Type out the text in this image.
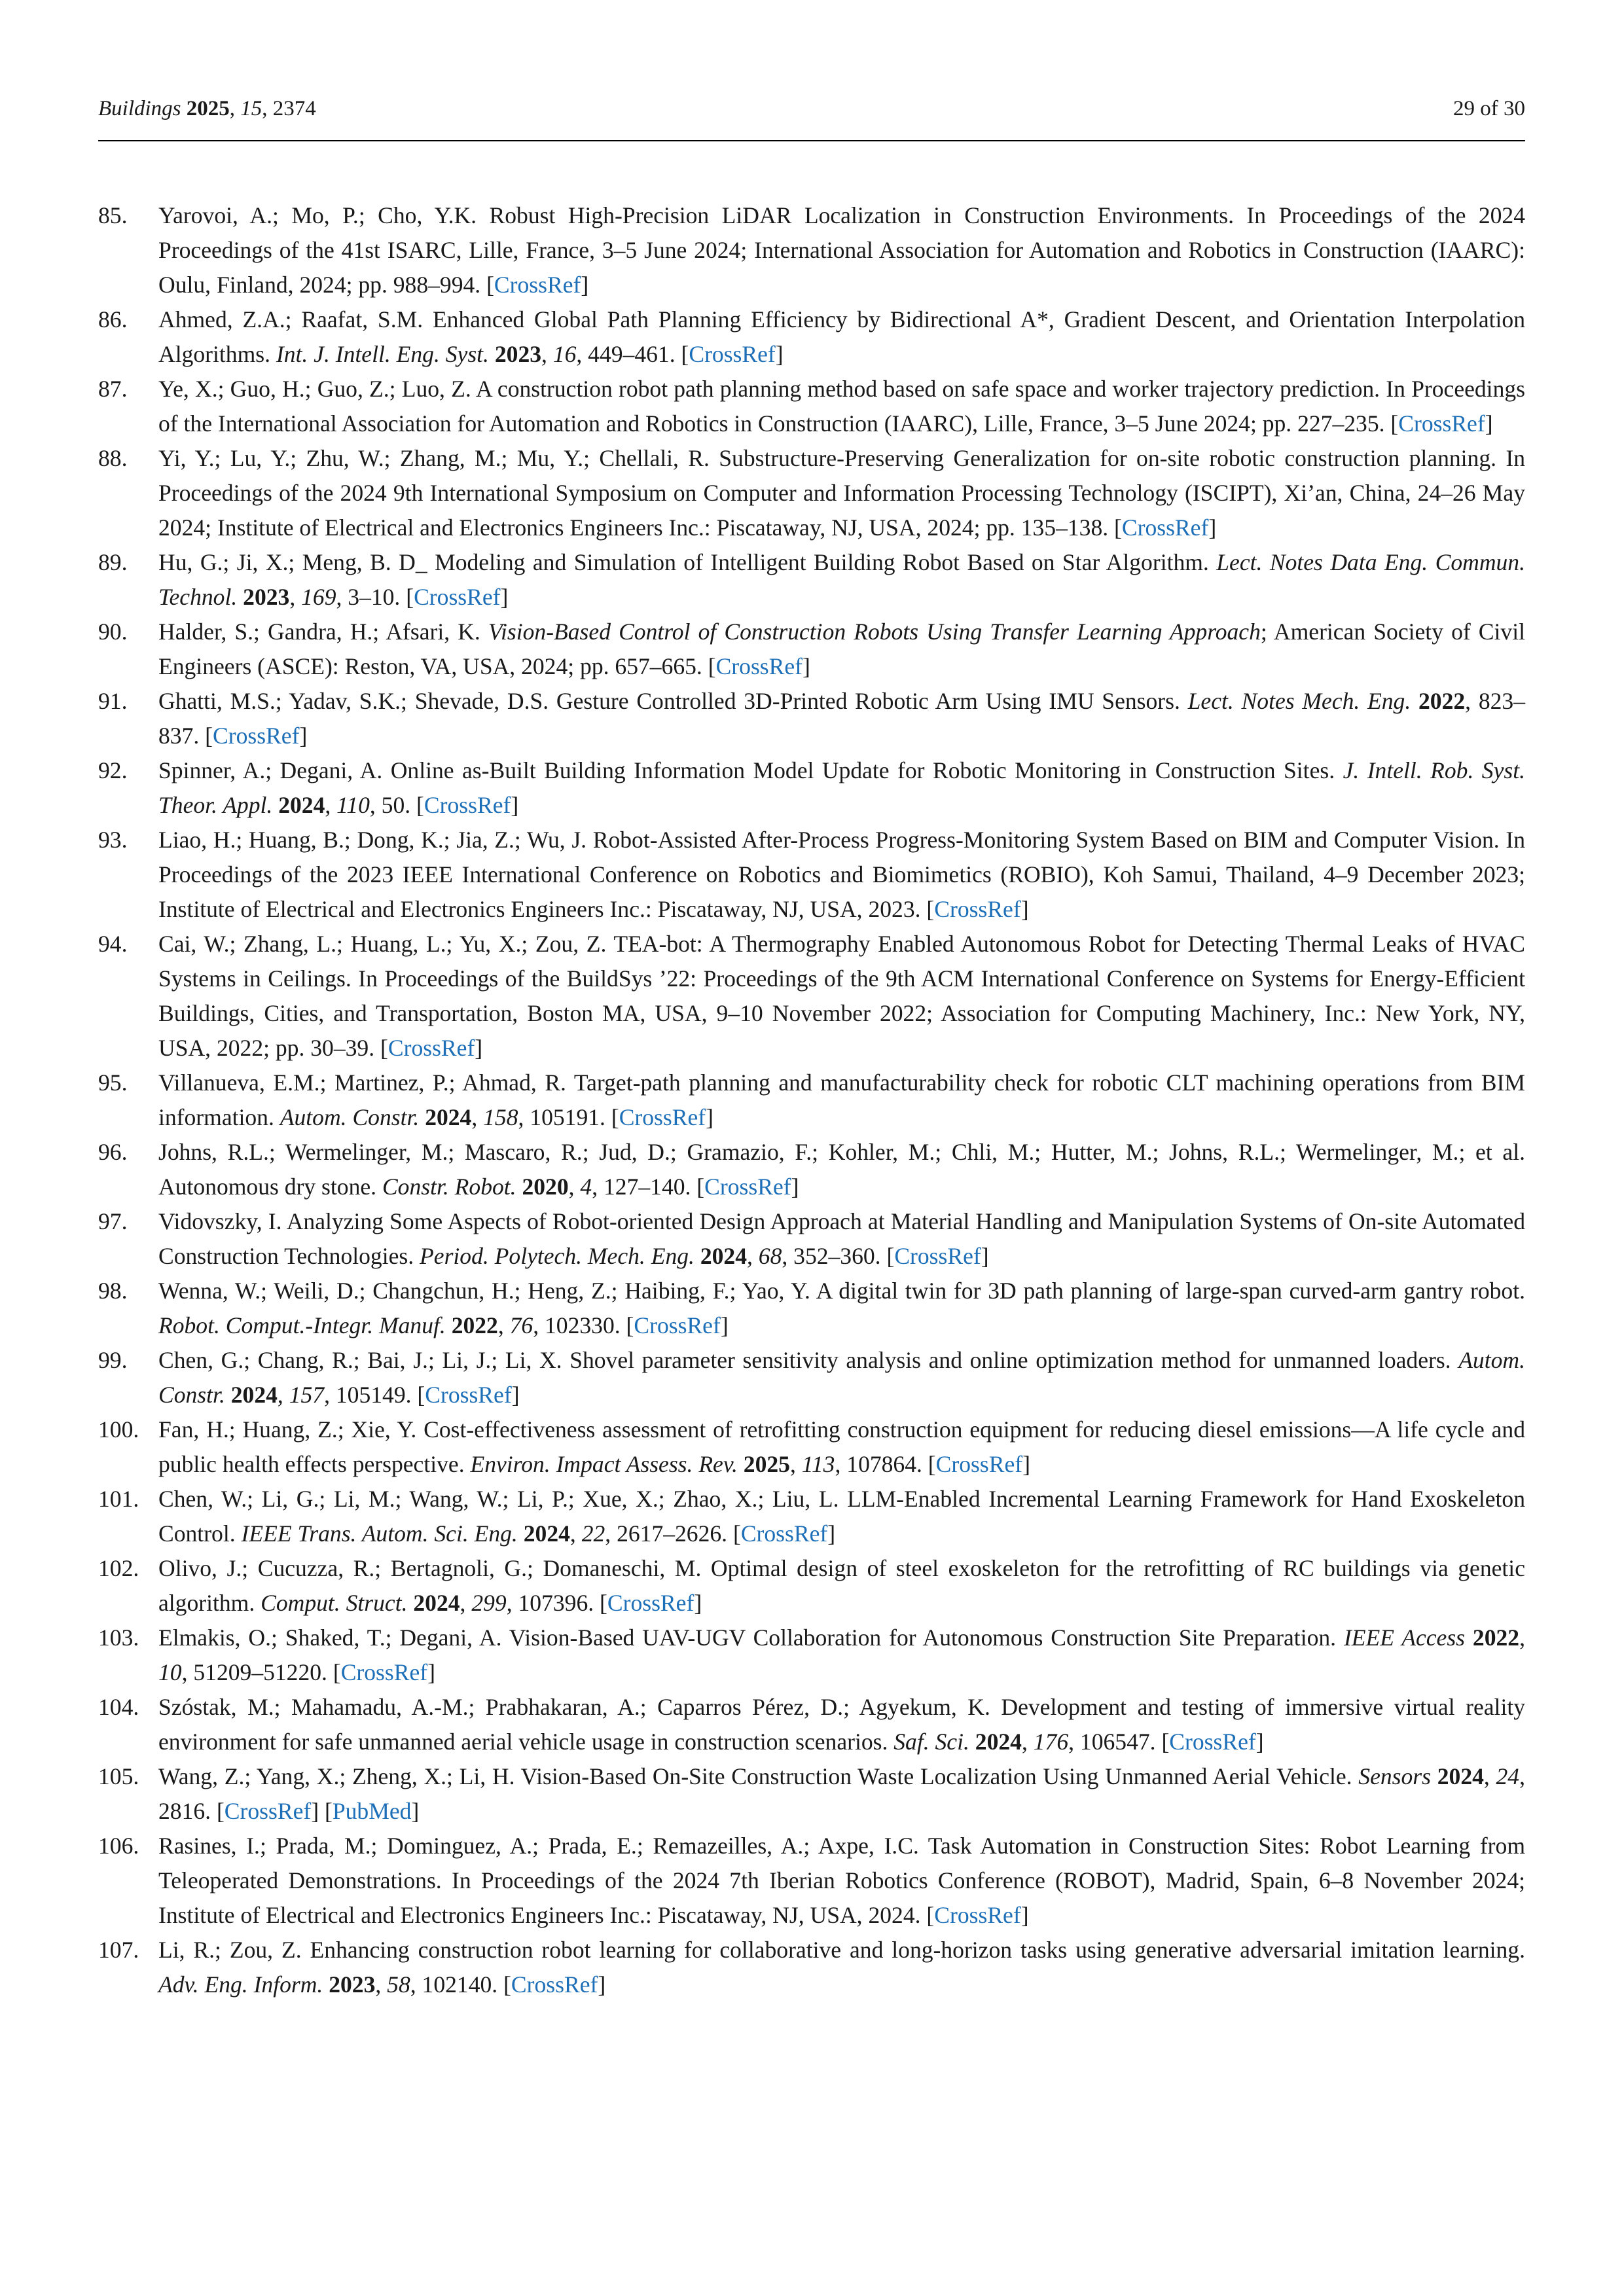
Buildings 2025, 15, 2374	29 of 30
85. Yarovoi, A.; Mo, P.; Cho, Y.K. Robust High-Precision LiDAR Localization in Construction Environments. In Proceedings of the 2024 Proceedings of the 41st ISARC, Lille, France, 3–5 June 2024; International Association for Automation and Robotics in Construction (IAARC): Oulu, Finland, 2024; pp. 988–994. [CrossRef]
86. Ahmed, Z.A.; Raafat, S.M. Enhanced Global Path Planning Efficiency by Bidirectional A*, Gradient Descent, and Orientation Interpolation Algorithms. Int. J. Intell. Eng. Syst. 2023, 16, 449–461. [CrossRef]
87. Ye, X.; Guo, H.; Guo, Z.; Luo, Z. A construction robot path planning method based on safe space and worker trajectory prediction. In Proceedings of the International Association for Automation and Robotics in Construction (IAARC), Lille, France, 3–5 June 2024; pp. 227–235. [CrossRef]
88. Yi, Y.; Lu, Y.; Zhu, W.; Zhang, M.; Mu, Y.; Chellali, R. Substructure-Preserving Generalization for on-site robotic construction planning. In Proceedings of the 2024 9th International Symposium on Computer and Information Processing Technology (ISCIPT), Xi’an, China, 24–26 May 2024; Institute of Electrical and Electronics Engineers Inc.: Piscataway, NJ, USA, 2024; pp. 135–138. [CrossRef]
89. Hu, G.; Ji, X.; Meng, B. D_ Modeling and Simulation of Intelligent Building Robot Based on Star Algorithm. Lect. Notes Data Eng. Commun. Technol. 2023, 169, 3–10. [CrossRef]
90. Halder, S.; Gandra, H.; Afsari, K. Vision-Based Control of Construction Robots Using Transfer Learning Approach; American Society of Civil Engineers (ASCE): Reston, VA, USA, 2024; pp. 657–665. [CrossRef]
91. Ghatti, M.S.; Yadav, S.K.; Shevade, D.S. Gesture Controlled 3D-Printed Robotic Arm Using IMU Sensors. Lect. Notes Mech. Eng. 2022, 823–837. [CrossRef]
92. Spinner, A.; Degani, A. Online as-Built Building Information Model Update for Robotic Monitoring in Construction Sites. J. Intell. Rob. Syst. Theor. Appl. 2024, 110, 50. [CrossRef]
93. Liao, H.; Huang, B.; Dong, K.; Jia, Z.; Wu, J. Robot-Assisted After-Process Progress-Monitoring System Based on BIM and Computer Vision. In Proceedings of the 2023 IEEE International Conference on Robotics and Biomimetics (ROBIO), Koh Samui, Thailand, 4–9 December 2023; Institute of Electrical and Electronics Engineers Inc.: Piscataway, NJ, USA, 2023. [CrossRef]
94. Cai, W.; Zhang, L.; Huang, L.; Yu, X.; Zou, Z. TEA-bot: A Thermography Enabled Autonomous Robot for Detecting Thermal Leaks of HVAC Systems in Ceilings. In Proceedings of the BuildSys ’22: Proceedings of the 9th ACM International Conference on Systems for Energy-Efficient Buildings, Cities, and Transportation, Boston MA, USA, 9–10 November 2022; Association for Computing Machinery, Inc.: New York, NY, USA, 2022; pp. 30–39. [CrossRef]
95. Villanueva, E.M.; Martinez, P.; Ahmad, R. Target-path planning and manufacturability check for robotic CLT machining operations from BIM information. Autom. Constr. 2024, 158, 105191. [CrossRef]
96. Johns, R.L.; Wermelinger, M.; Mascaro, R.; Jud, D.; Gramazio, F.; Kohler, M.; Chli, M.; Hutter, M.; Johns, R.L.; Wermelinger, M.; et al. Autonomous dry stone. Constr. Robot. 2020, 4, 127–140. [CrossRef]
97. Vidovszky, I. Analyzing Some Aspects of Robot-oriented Design Approach at Material Handling and Manipulation Systems of On-site Automated Construction Technologies. Period. Polytech. Mech. Eng. 2024, 68, 352–360. [CrossRef]
98. Wenna, W.; Weili, D.; Changchun, H.; Heng, Z.; Haibing, F.; Yao, Y. A digital twin for 3D path planning of large-span curved-arm gantry robot. Robot. Comput.-Integr. Manuf. 2022, 76, 102330. [CrossRef]
99. Chen, G.; Chang, R.; Bai, J.; Li, J.; Li, X. Shovel parameter sensitivity analysis and online optimization method for unmanned loaders. Autom. Constr. 2024, 157, 105149. [CrossRef]
100. Fan, H.; Huang, Z.; Xie, Y. Cost-effectiveness assessment of retrofitting construction equipment for reducing diesel emissions—A life cycle and public health effects perspective. Environ. Impact Assess. Rev. 2025, 113, 107864. [CrossRef]
101. Chen, W.; Li, G.; Li, M.; Wang, W.; Li, P.; Xue, X.; Zhao, X.; Liu, L. LLM-Enabled Incremental Learning Framework for Hand Exoskeleton Control. IEEE Trans. Autom. Sci. Eng. 2024, 22, 2617–2626. [CrossRef]
102. Olivo, J.; Cucuzza, R.; Bertagnoli, G.; Domaneschi, M. Optimal design of steel exoskeleton for the retrofitting of RC buildings via genetic algorithm. Comput. Struct. 2024, 299, 107396. [CrossRef]
103. Elmakis, O.; Shaked, T.; Degani, A. Vision-Based UAV-UGV Collaboration for Autonomous Construction Site Preparation. IEEE Access 2022, 10, 51209–51220. [CrossRef]
104. Szóstak, M.; Mahamadu, A.-M.; Prabhakaran, A.; Caparros Pérez, D.; Agyekum, K. Development and testing of immersive virtual reality environment for safe unmanned aerial vehicle usage in construction scenarios. Saf. Sci. 2024, 176, 106547. [CrossRef]
105. Wang, Z.; Yang, X.; Zheng, X.; Li, H. Vision-Based On-Site Construction Waste Localization Using Unmanned Aerial Vehicle. Sensors 2024, 24, 2816. [CrossRef] [PubMed]
106. Rasines, I.; Prada, M.; Dominguez, A.; Prada, E.; Remazeilles, A.; Axpe, I.C. Task Automation in Construction Sites: Robot Learning from Teleoperated Demonstrations. In Proceedings of the 2024 7th Iberian Robotics Conference (ROBOT), Madrid, Spain, 6–8 November 2024; Institute of Electrical and Electronics Engineers Inc.: Piscataway, NJ, USA, 2024. [CrossRef]
107. Li, R.; Zou, Z. Enhancing construction robot learning for collaborative and long-horizon tasks using generative adversarial imitation learning. Adv. Eng. Inform. 2023, 58, 102140. [CrossRef]
